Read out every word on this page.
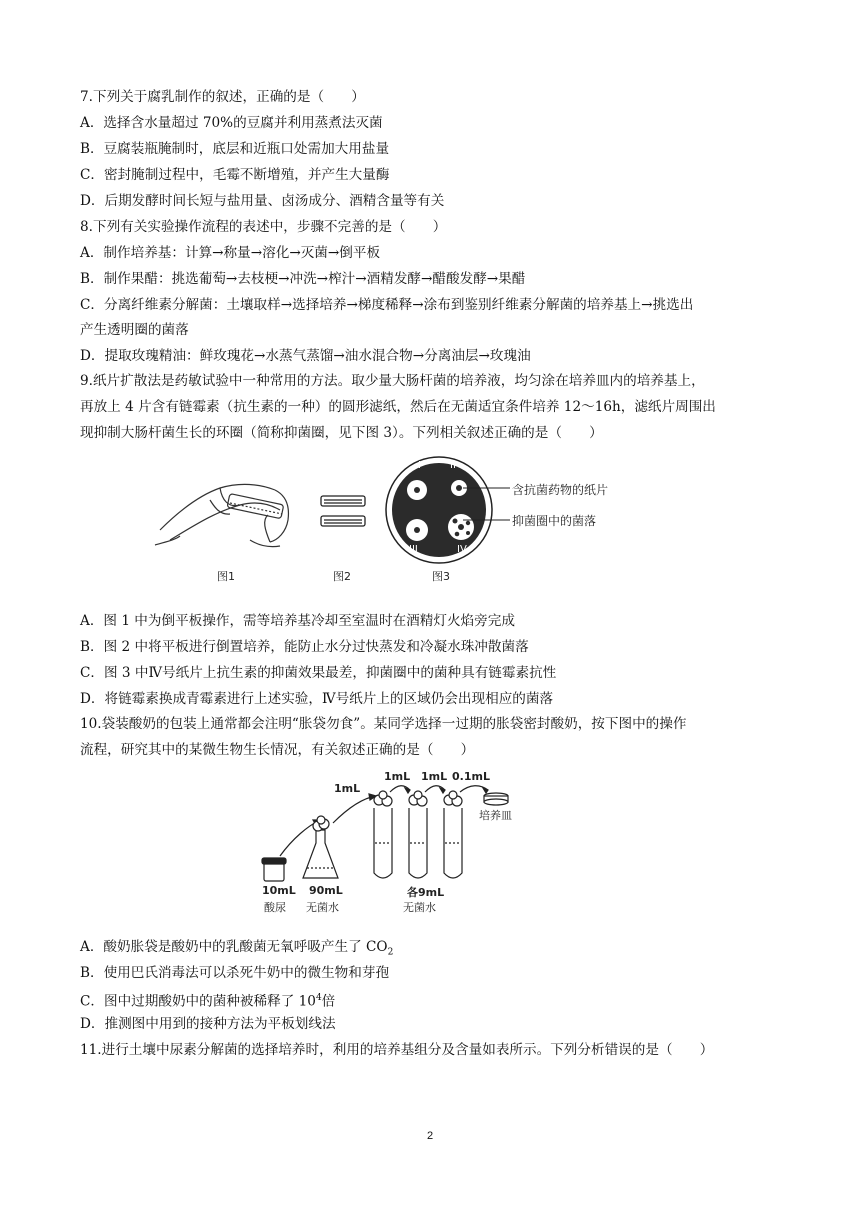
7.下列关于腐乳制作的叙述，正确的是（　　）
A．选择含水量超过 70%的豆腐并利用蒸煮法灭菌
B．豆腐装瓶腌制时，底层和近瓶口处需加大用盐量
C．密封腌制过程中，毛霉不断增殖，并产生大量酶
D．后期发酵时间长短与盐用量、卤汤成分、酒精含量等有关
8.下列有关实验操作流程的表述中，步骤不完善的是（　　）
A．制作培养基：计算→称量→溶化→灭菌→倒平板
B．制作果醋：挑选葡萄→去枝梗→冲洗→榨汁→酒精发酵→醋酸发酵→果醋
C．分离纤维素分解菌：土壤取样→选择培养→梯度稀释→涂布到鉴别纤维素分解菌的培养基上→挑选出
产生透明圈的菌落
D．提取玫瑰精油：鲜玫瑰花→水蒸气蒸馏→油水混合物→分离油层→玫瑰油
9.纸片扩散法是药敏试验中一种常用的方法。取少量大肠杆菌的培养液，均匀涂在培养皿内的培养基上，
再放上 4 片含有链霉素（抗生素的一种）的圆形滤纸，然后在无菌适宜条件培养 12～16h，滤纸片周围出
现抑制大肠杆菌生长的环圈（简称抑菌圈，见下图 3）。下列相关叙述正确的是（　　）
图1	图2
I	II
III	IV
含抗菌药物的纸片
抑菌圈中的菌落
图3
A．图 1 中为倒平板操作，需等培养基冷却至室温时在酒精灯火焰旁完成
B．图 2 中将平板进行倒置培养，能防止水分过快蒸发和冷凝水珠冲散菌落
C．图 3 中Ⅳ号纸片上抗生素的抑菌效果最差，抑菌圈中的菌种具有链霉素抗性
D．将链霉素换成青霉素进行上述实验，Ⅳ号纸片上的区域仍会出现相应的菌落
10.袋装酸奶的包装上通常都会注明“胀袋勿食”。某同学选择一过期的胀袋密封酸奶，按下图中的操作
流程，研究其中的某微生物生长情况，有关叙述正确的是（　　）
1mL
1mL 1mL 0.1mL
培养皿
10mL
酸尿
90mL
无菌水
各9mL
无菌水
A．酸奶胀袋是酸奶中的乳酸菌无氧呼吸产生了 $CO_2$
B．使用巴氏消毒法可以杀死牛奶中的微生物和芽孢
C．图中过期酸奶中的菌种被稀释了 $10^4$倍
D．推测图中用到的接种方法为平板划线法
11.进行土壤中尿素分解菌的选择培养时，利用的培养基组分及含量如表所示。下列分析错误的是（　　）
2
